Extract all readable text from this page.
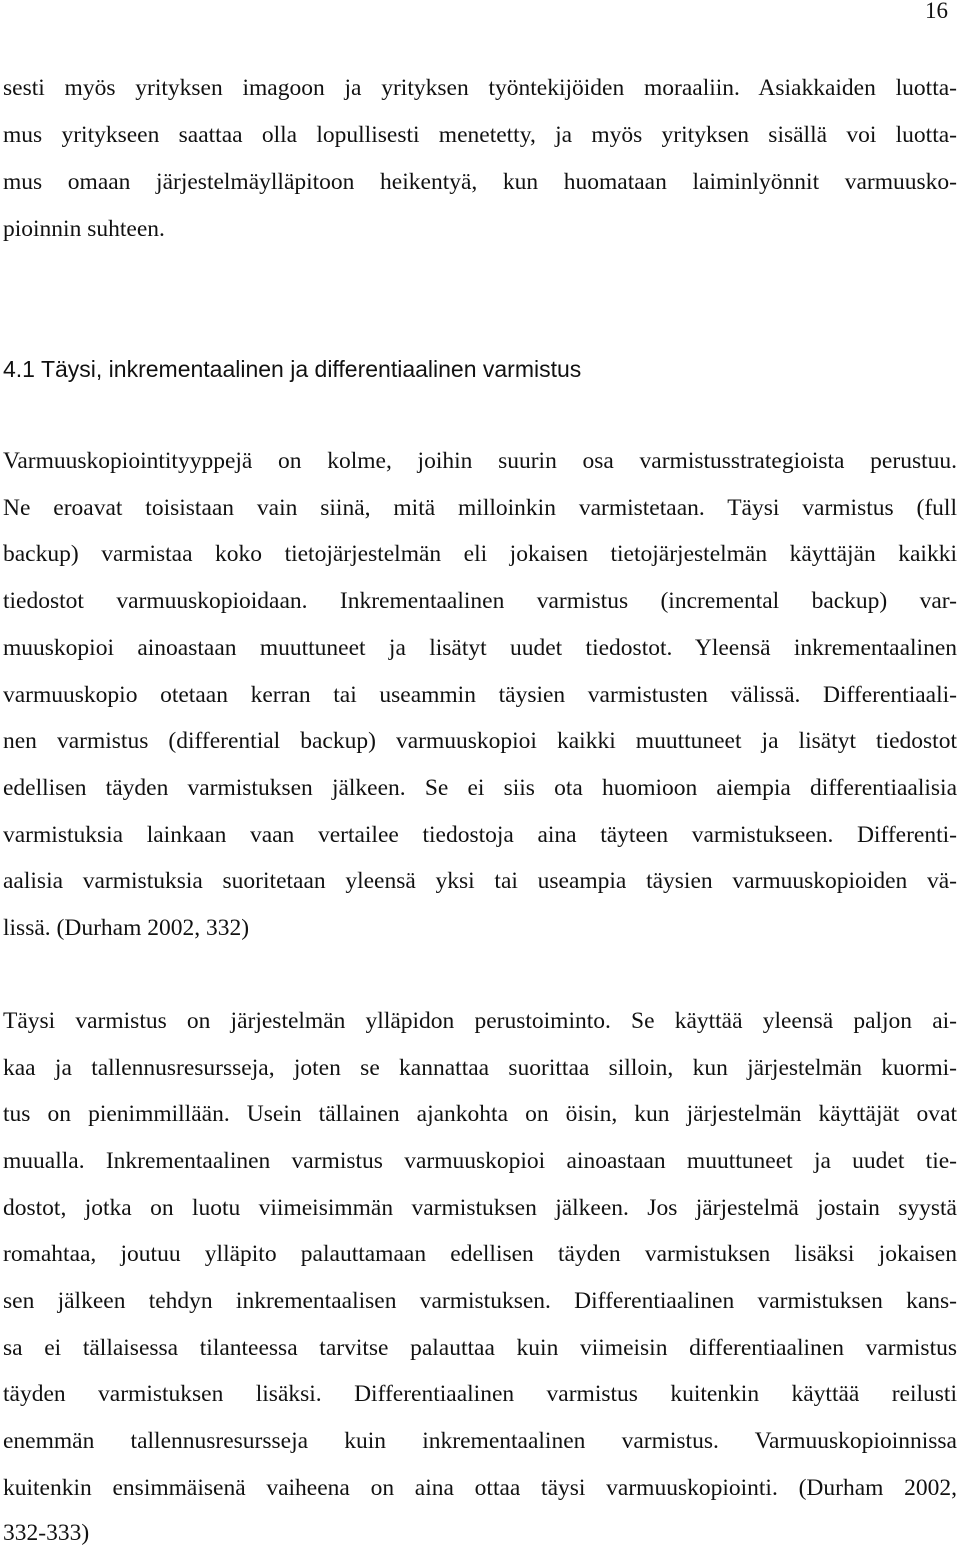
16
sesti myös yrityksen imagoon ja yrityksen työntekijöiden moraaliin. Asiakkaiden luotta-
mus yritykseen saattaa olla lopullisesti menetetty, ja myös yrityksen sisällä voi luotta-
mus omaan järjestelmäylläpitoon heikentyä, kun huomataan laiminlyönnit varmuusko-
pioinnin suhteen.
4.1 Täysi, inkrementaalinen ja differentiaalinen varmistus
Varmuuskopiointityyppejä on kolme, joihin suurin osa varmistusstrategioista perustuu.
Ne eroavat toisistaan vain siinä, mitä milloinkin varmistetaan. Täysi varmistus (full
backup) varmistaa koko tietojärjestelmän eli jokaisen tietojärjestelmän käyttäjän kaikki
tiedostot varmuuskopioidaan. Inkrementaalinen varmistus (incremental backup) var-
muuskopioi ainoastaan muuttuneet ja lisätyt uudet tiedostot. Yleensä inkrementaalinen
varmuuskopio otetaan kerran tai useammin täysien varmistusten välissä. Differentiaali-
nen varmistus (differential backup) varmuuskopioi kaikki muuttuneet ja lisätyt tiedostot
edellisen täyden varmistuksen jälkeen. Se ei siis ota huomioon aiempia differentiaalisia
varmistuksia lainkaan vaan vertailee tiedostoja aina täyteen varmistukseen. Differenti-
aalisia varmistuksia suoritetaan yleensä yksi tai useampia täysien varmuuskopioiden vä-
lissä. (Durham 2002, 332)
Täysi varmistus on järjestelmän ylläpidon perustoiminto. Se käyttää yleensä paljon ai-
kaa ja tallennusresursseja, joten se kannattaa suorittaa silloin, kun järjestelmän kuormi-
tus on pienimmillään. Usein tällainen ajankohta on öisin, kun järjestelmän käyttäjät ovat
muualla. Inkrementaalinen varmistus varmuuskopioi ainoastaan muuttuneet ja uudet tie-
dostot, jotka on luotu viimeisimmän varmistuksen jälkeen. Jos järjestelmä jostain syystä
romahtaa, joutuu ylläpito palauttamaan edellisen täyden varmistuksen lisäksi jokaisen
sen jälkeen tehdyn inkrementaalisen varmistuksen. Differentiaalinen varmistuksen kans-
sa ei tällaisessa tilanteessa tarvitse palauttaa kuin viimeisin differentiaalinen varmistus
täyden varmistuksen lisäksi. Differentiaalinen varmistus kuitenkin käyttää reilusti
enemmän tallennusresursseja kuin inkrementaalinen varmistus. Varmuuskopioinnissa
kuitenkin ensimmäisenä vaiheena on aina ottaa täysi varmuuskopiointi. (Durham 2002,
332-333)
